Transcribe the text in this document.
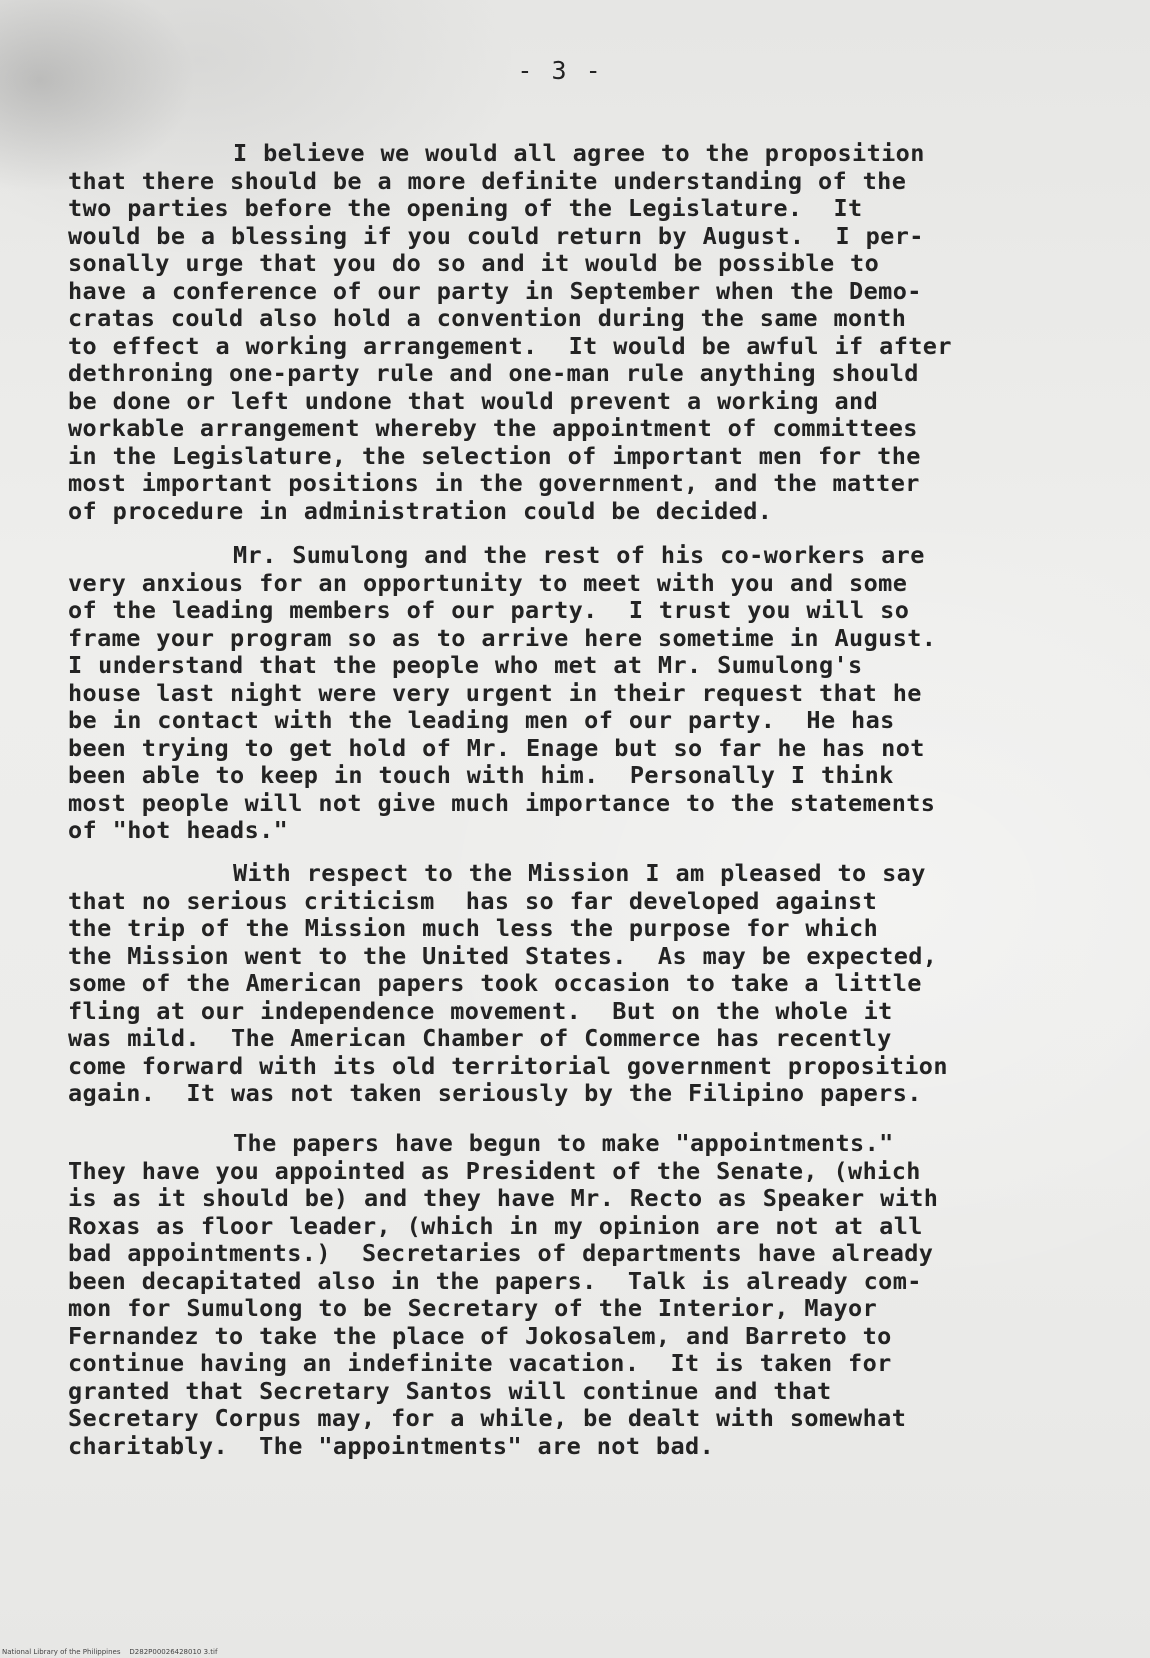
- 3 -
I believe we would all agree to the proposition
that there should be a more definite understanding of the
two parties before the opening of the Legislature.  It
would be a blessing if you could return by August.  I per-
sonally urge that you do so and it would be possible to
have a conference of our party in September when the Demo-
cratas could also hold a convention during the same month
to effect a working arrangement.  It would be awful if after
dethroning one-party rule and one-man rule anything should
be done or left undone that would prevent a working and
workable arrangement whereby the appointment of committees
in the Legislature, the selection of important men for the
most important positions in the government, and the matter
of procedure in administration could be decided.
Mr. Sumulong and the rest of his co-workers are
very anxious for an opportunity to meet with you and some
of the leading members of our party.  I trust you will so
frame your program so as to arrive here sometime in August.
I understand that the people who met at Mr. Sumulong's
house last night were very urgent in their request that he
be in contact with the leading men of our party.  He has
been trying to get hold of Mr. Enage but so far he has not
been able to keep in touch with him.  Personally I think
most people will not give much importance to the statements
of "hot heads."
With respect to the Mission I am pleased to say
that no serious criticism  has so far developed against
the trip of the Mission much less the purpose for which
the Mission went to the United States.  As may be expected,
some of the American papers took occasion to take a little
fling at our independence movement.  But on the whole it
was mild.  The American Chamber of Commerce has recently
come forward with its old territorial government proposition
again.  It was not taken seriously by the Filipino papers.
The papers have begun to make "appointments."
They have you appointed as President of the Senate, (which
is as it should be) and they have Mr. Recto as Speaker with
Roxas as floor leader, (which in my opinion are not at all
bad appointments.)  Secretaries of departments have already
been decapitated also in the papers.  Talk is already com-
mon for Sumulong to be Secretary of the Interior, Mayor
Fernandez to take the place of Jokosalem, and Barreto to
continue having an indefinite vacation.  It is taken for
granted that Secretary Santos will continue and that
Secretary Corpus may, for a while, be dealt with somewhat
charitably.  The "appointments" are not bad.
National Library of the Philippines D282P00026428010 3.tif
